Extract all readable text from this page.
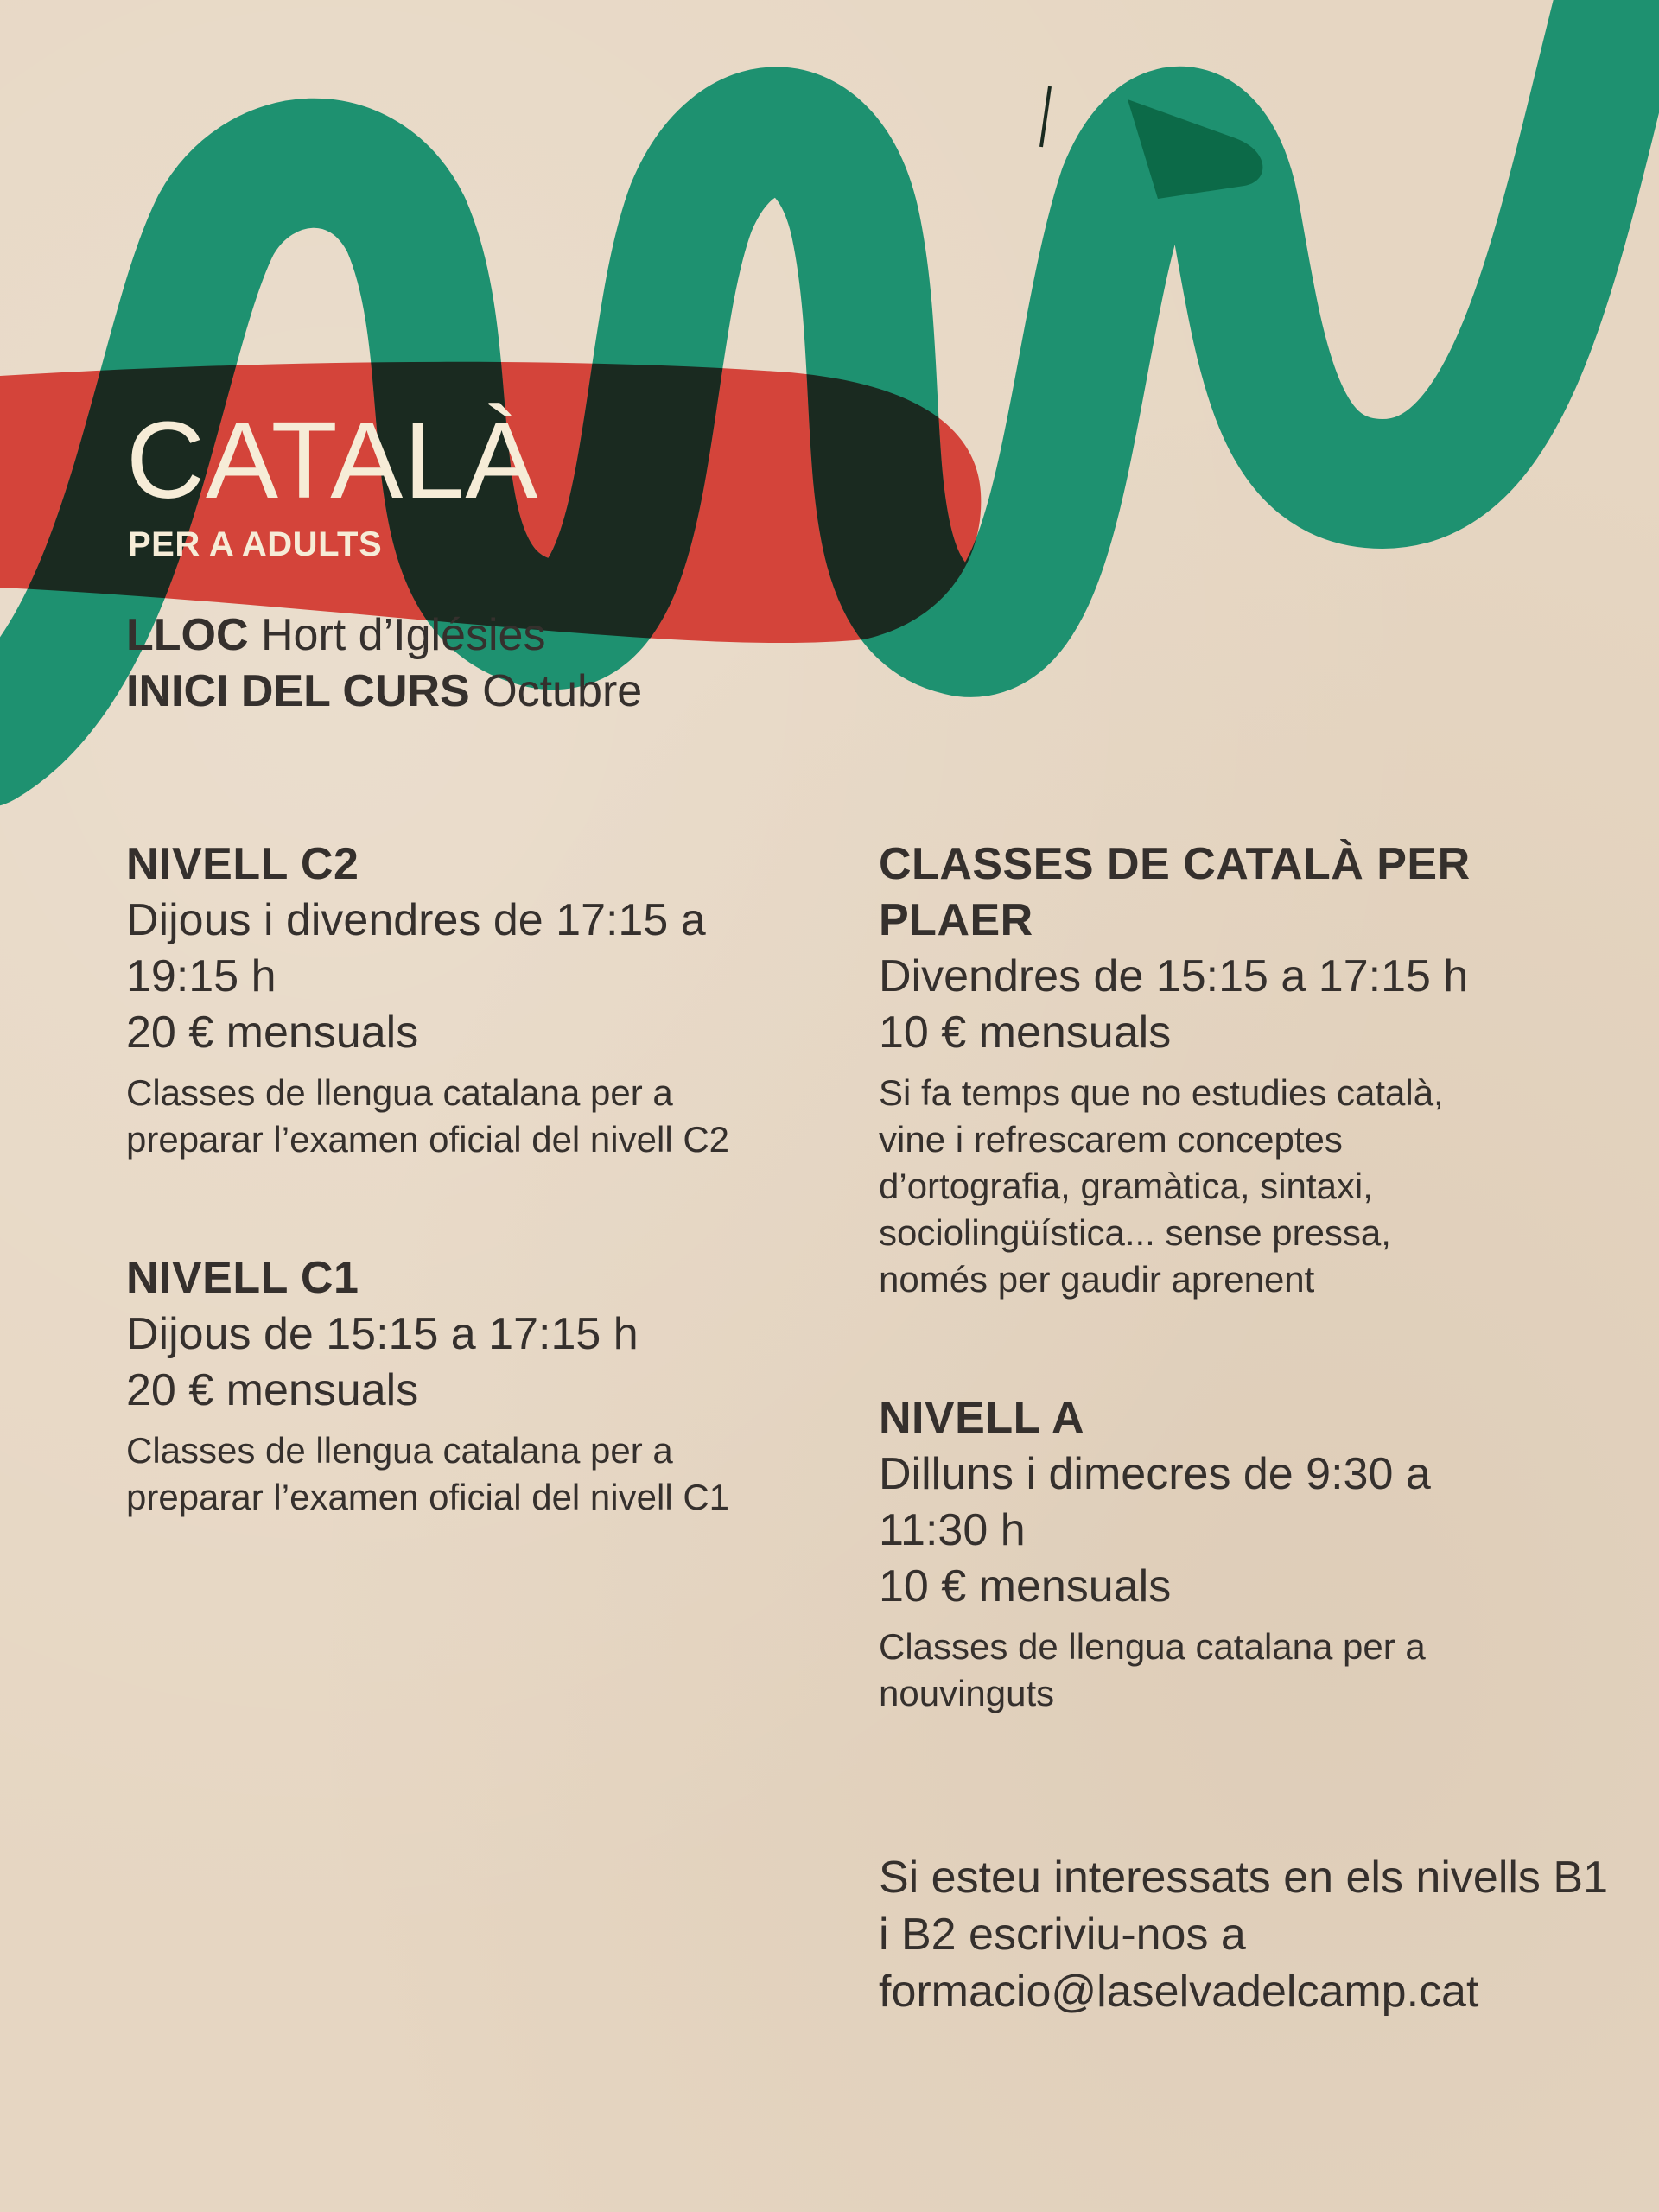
CATALÀ
PER A ADULTS
LLOC Hort d’Iglésies
INICI DEL CURS Octubre
NIVELL C2
Dijous i divendres de 17:15 a 19:15 h
20 € mensuals

Classes de llengua catalana per a preparar l’examen oficial del nivell C2

NIVELL C1
Dijous de 15:15 a 17:15 h
20 € mensuals

Classes de llengua catalana per a preparar l’examen oficial del nivell C1

CLASSES DE CATALÀ PER PLAER
Divendres de 15:15 a 17:15 h
10 € mensuals

Si fa temps que no estudies català, vine i refrescarem conceptes d’ortografia, gramàtica, sintaxi, sociolingüística... sense pressa, només per gaudir aprenent

NIVELL A
Dilluns i dimecres de 9:30 a 11:30 h
10 € mensuals

Classes de llengua catalana per a nouvinguts

Si esteu interessats en els nivells B1 i B2 escriviu-nos a formacio@laselvadelcamp.cat
